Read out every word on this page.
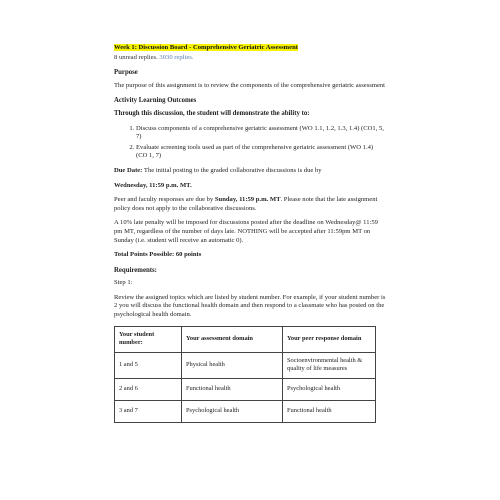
Week 1: Discussion Board - Comprehensive Geriatric Assessment
8 unread replies. 3030 replies.
Purpose

The purpose of this assignment is to review the components of the comprehensive geriatric assessment

Activity Learning Outcomes

Through this discussion, the student will demonstrate the ability to:

1. Discuss components of a comprehensive geriatric assessment (WO 1.1, 1.2, 1.3, 1.4) (CO1, 5, 7)
2. Evaluate screening tools used as part of the comprehensive geriatric assessment (WO 1.4) (CO 1, 7)

Due Date: The initial posting to the graded collaborative discussions is due by

Wednesday, 11:59 p.m. MT.

Peer and faculty responses are due by Sunday, 11:59 p.m. MT. Please note that the late assignment policy does not apply to the collaborative discussions.

A 10% late penalty will be imposed for discussions posted after the deadline on Wednesday@ 11:59 pm MT, regardless of the number of days late. NOTHING will be accepted after 11:59pm MT on Sunday (i.e. student will receive an automatic 0).

Total Points Possible: 60 points

Requirements:

Step 1:

Review the assigned topics which are listed by student number. For example, if your student number is 2 you will discuss the functional health domain and then respond to a classmate who has posted on the psychological health domain.

Your student number:	Your assessment domain	Your peer response domain
1 and 5	Physical health	Socioenvironmental health & quality of life measures
2 and 6	Functional health	Psychological health
3 and 7	Psychological health	Functional health
